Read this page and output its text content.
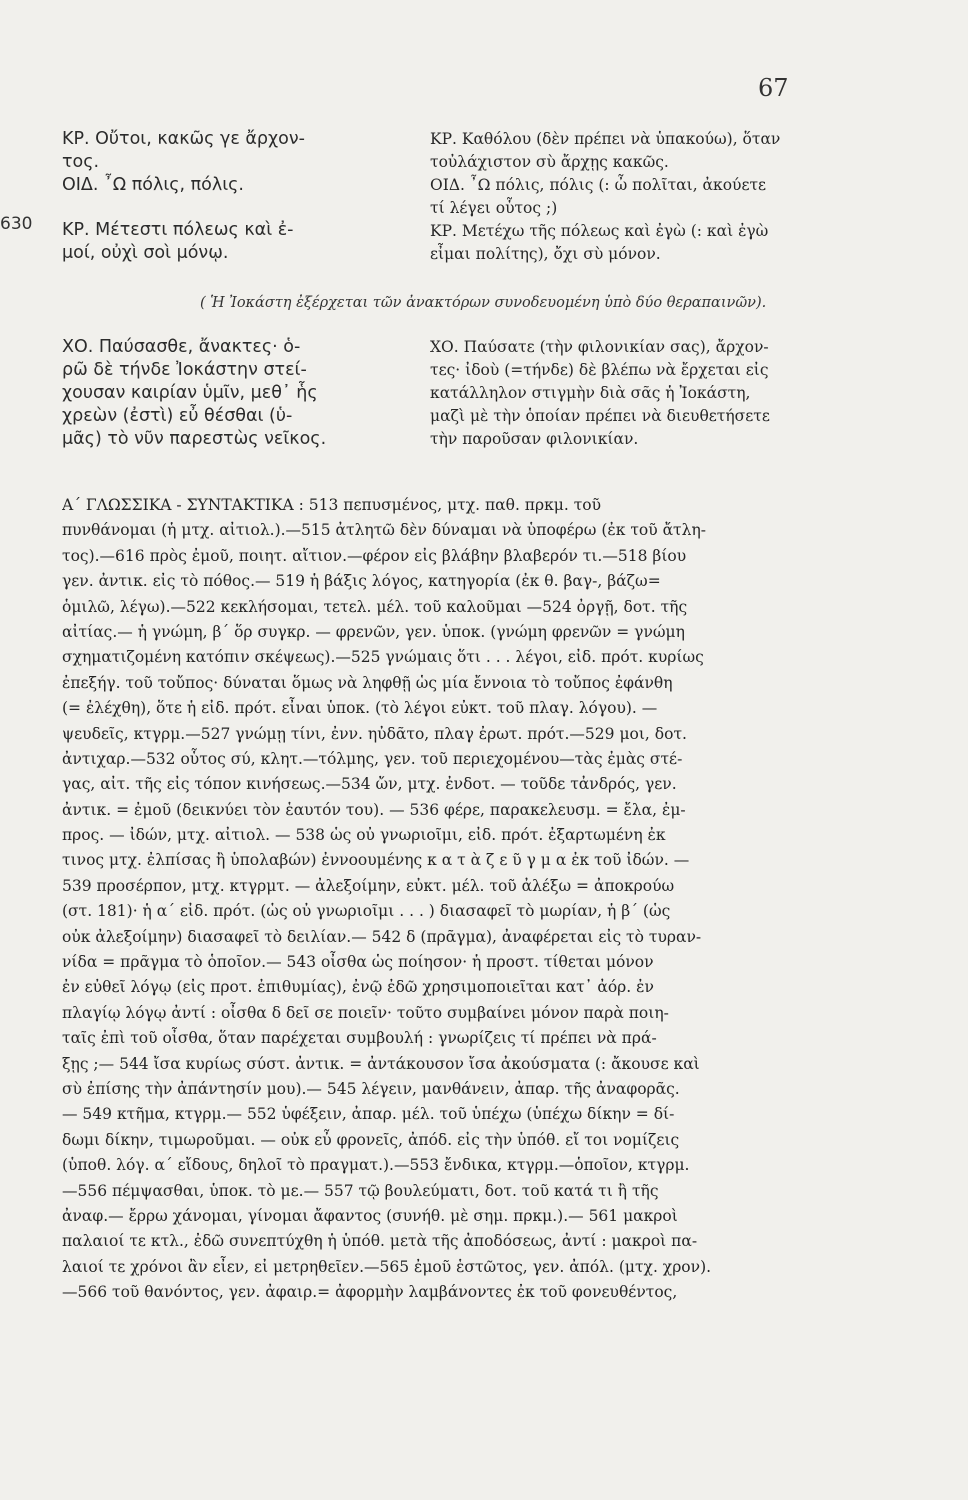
67
630
ΚΡ. Οὔτοι, κακῶς γε ἄρχον-
τος.
ΟΙΔ. ῏Ω πόλις, πόλις.
ΚΡ. Μέτεστι πόλεως καὶ ἐ-
μοί, οὐχὶ σοὶ μόνῳ.
ΚΡ. Καθόλου (δὲν πρέπει νὰ ὑπακούω), ὅταν
τοὐλάχιστον σὺ ἄρχῃς κακῶς.
ΟΙΔ. ῏Ω πόλις, πόλις (: ὦ πολῖται, ἀκούετε
τί λέγει οὗτος ;)
ΚΡ. Μετέχω τῆς πόλεως καὶ ἐγὼ (: καὶ ἐγὼ
εἶμαι πολίτης), ὄχι σὺ μόνον.
( Ἡ Ἰοκάστη ἐξέρχεται τῶν ἀνακτόρων συνοδευομένη ὑπὸ δύο θεραπαινῶν).
ΧΟ. Παύσασθε, ἄνακτες· ὁ-
ρῶ δὲ τήνδε Ἰοκάστην στεί-
χουσαν καιρίαν ὑμῖν, μεθ᾽ ἧς
χρεὼν (ἐστὶ) εὖ θέσθαι (ὑ-
μᾶς) τὸ νῦν παρεστὼς νεῖκος.
ΧΟ. Παύσατε (τὴν φιλονικίαν σας), ἄρχον-
τες· ἰδοὺ (=τήνδε) δὲ βλέπω νὰ ἔρχεται εἰς
κατάλληλον στιγμὴν διὰ σᾶς ἡ Ἰοκάστη,
μαζὶ μὲ τὴν ὁποίαν πρέπει νὰ διευθετήσετε
τὴν παροῦσαν φιλονικίαν.
Α΄ ΓΛΩΣΣΙΚΑ - ΣΥΝΤΑΚΤΙΚΑ : 513 πεπυσμένος, μτχ. παθ. πρκμ. τοῦ
πυνθάνομαι (ἡ μτχ. αἰτιολ.).—515 ἀτλητῶ δὲν δύναμαι νὰ ὑποφέρω (ἐκ τοῦ ἄτλη-
τος).—616 πρὸς ἐμοῦ, ποιητ. αἴτιον.—φέρον εἰς βλάβην βλαβερόν τι.—518 βίου
γεν. ἀντικ. εἰς τὸ πόθος.— 519 ἡ βάξις λόγος, κατηγορία (ἐκ θ. βαγ-, βάζω=
ὁμιλῶ, λέγω).—522 κεκλήσομαι, τετελ. μέλ. τοῦ καλοῦμαι —524 ὀργῇ, δοτ. τῆς
αἰτίας.— ἡ γνώμη, β΄ ὅρ συγκρ. — φρενῶν, γεν. ὑποκ. (γνώμη φρενῶν = γνώμη
σχηματιζομένη κατόπιν σκέψεως).—525 γνώμαις ὅτι . . . λέγοι, εἰδ. πρότ. κυρίως
ἐπεξήγ. τοῦ τοὔπος· δύναται ὅμως νὰ ληφθῇ ὡς μία ἔννοια τὸ τοὔπος ἐφάνθη
(= ἐλέχθη), ὅτε ἡ εἰδ. πρότ. εἶναι ὑποκ. (τὸ λέγοι εὐκτ. τοῦ πλαγ. λόγου). —
ψευδεῖς, κτγρμ.—527 γνώμῃ τίνι, ἐνν. ηὐδᾶτο, πλαγ ἐρωτ. πρότ.—529 μοι, δοτ.
ἀντιχαρ.—532 οὗτος σύ, κλητ.—τόλμης, γεν. τοῦ περιεχομένου—τὰς ἐμὰς στέ-
γας, αἰτ. τῆς εἰς τόπον κινήσεως.—534 ὤν, μτχ. ἐνδοτ. — τοῦδε τἀνδρός, γεν.
ἀντικ. = ἐμοῦ (δεικνύει τὸν ἑαυτόν του). — 536 φέρε, παρακελευσμ. = ἔλα, ἐμ-
προς. — ἰδών, μτχ. αἰτιολ. — 538 ὡς οὐ γνωριοῖμι, εἰδ. πρότ. ἐξαρτωμένη ἐκ
τινος μτχ. ἐλπίσας ἢ ὑπολαβών) ἐννοουμένης κ α τ ὰ ζ ε ῦ γ μ α ἐκ τοῦ ἰδών. —
539 προσέρπον, μτχ. κτγρμτ. — ἀλεξοίμην, εὐκτ. μέλ. τοῦ ἀλέξω = ἀποκρούω
(στ. 181)· ἡ α΄ εἰδ. πρότ. (ὡς οὐ γνωριοῖμι . . . ) διασαφεῖ τὸ μωρίαν, ἡ β΄ (ὡς
οὐκ ἀλεξοίμην) διασαφεῖ τὸ δειλίαν.— 542 δ (πρᾶγμα), ἀναφέρεται εἰς τὸ τυραν-
νίδα = πρᾶγμα τὸ ὁποῖον.— 543 οἶσθα ὡς ποίησον· ἡ προστ. τίθεται μόνον
ἐν εὐθεῖ λόγῳ (εἰς προτ. ἐπιθυμίας), ἐνῷ ἐδῶ χρησιμοποιεῖται κατ᾽ ἀόρ. ἐν
πλαγίῳ λόγῳ ἀντί : οἶσθα δ δεῖ σε ποιεῖν· τοῦτο συμβαίνει μόνον παρὰ ποιη-
ταῖς ἐπὶ τοῦ οἶσθα, ὅταν παρέχεται συμβουλή : γνωρίζεις τί πρέπει νὰ πρά-
ξῃς ;— 544 ἴσα κυρίως σύστ. ἀντικ. = ἀντάκουσον ἴσα ἀκούσματα (: ἄκουσε καὶ
σὺ ἐπίσης τὴν ἀπάντησίν μου).— 545 λέγειν, μανθάνειν, ἀπαρ. τῆς ἀναφορᾶς.
— 549 κτῆμα, κτγρμ.— 552 ὑφέξειν, ἀπαρ. μέλ. τοῦ ὑπέχω (ὑπέχω δίκην = δί-
δωμι δίκην, τιμωροῦμαι. — οὐκ εὖ φρονεῖς, ἀπόδ. εἰς τὴν ὑπόθ. εἴ τοι νομίζεις
(ὑποθ. λόγ. α΄ εἴδους, δηλοῖ τὸ πραγματ.).—553 ἔνδικα, κτγρμ.—ὁποῖον, κτγρμ.
—556 πέμψασθαι, ὑποκ. τὸ με.— 557 τῷ βουλεύματι, δοτ. τοῦ κατά τι ἢ τῆς
ἀναφ.— ἔρρω χάνομαι, γίνομαι ἄφαντος (συνήθ. μὲ σημ. πρκμ.).— 561 μακροὶ
παλαιοί τε κτλ., ἐδῶ συνεπτύχθη ἡ ὑπόθ. μετὰ τῆς ἀποδόσεως, ἀντί : μακροὶ πα-
λαιοί τε χρόνοι ἂν εἶεν, εἰ μετρηθεῖεν.—565 ἐμοῦ ἑστῶτος, γεν. ἀπόλ. (μτχ. χρον).
—566 τοῦ θανόντος, γεν. ἀφαιρ.= ἀφορμὴν λαμβάνοντες ἐκ τοῦ φονευθέντος,
